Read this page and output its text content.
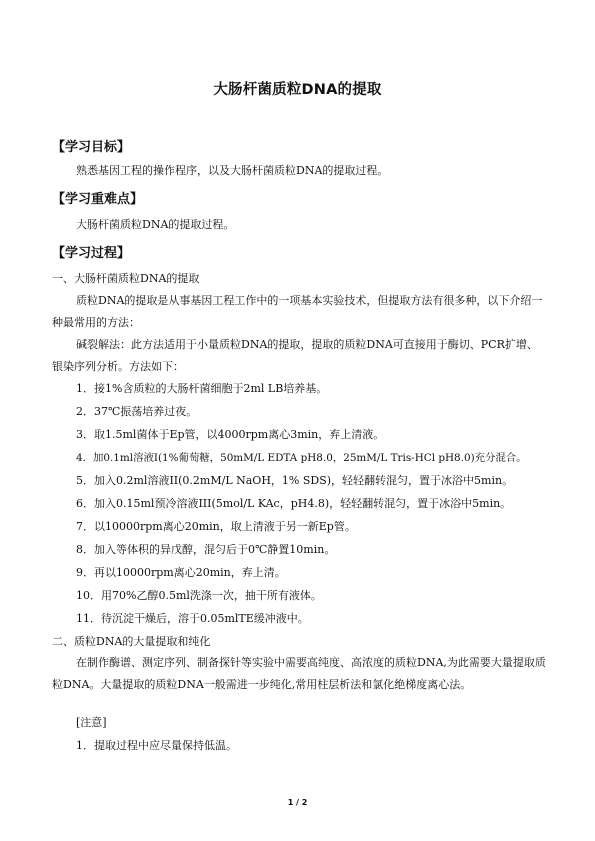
大肠杆菌质粒DNA的提取
【学习目标】
熟悉基因工程的操作程序，以及大肠杆菌质粒DNA的提取过程。
【学习重难点】
大肠杆菌质粒DNA的提取过程。
【学习过程】
一、大肠杆菌质粒DNA的提取
质粒DNA的提取是从事基因工程工作中的一项基本实验技术，但提取方法有很多种，以下介绍一种最常用的方法：
碱裂解法：此方法适用于小量质粒DNA的提取，提取的质粒DNA可直接用于酶切、PCR扩增、银染序列分析。方法如下：
1．接1%含质粒的大肠杆菌细胞于2ml LB培养基。
2．37℃振荡培养过夜。
3．取1.5ml菌体于Ep管，以4000rpm离心3min，弃上清液。
4．加0.1ml溶液I(1%葡萄糖，50mM/L EDTA pH8.0，25mM/L Tris-HCl pH8.0)充分混合。
5．加入0.2ml溶液II(0.2mM/L NaOH，1% SDS)，轻轻翻转混匀，置于冰浴中5min。
6．加入0.15ml预冷溶液III(5mol/L KAc，pH4.8)，轻轻翻转混匀，置于冰浴中5min。
7．以10000rpm离心20min，取上清液于另一新Ep管。
8．加入等体积的异戊醇，混匀后于0℃静置10min。
9．再以10000rpm离心20min，弃上清。
10．用70%乙醇0.5ml洗涤一次，抽干所有液体。
11．待沉淀干燥后，溶于0.05mlTE缓冲液中。
二、质粒DNA的大量提取和纯化
在制作酶谱、测定序列、制备探针等实验中需要高纯度、高浓度的质粒DNA,为此需要大量提取质粒DNA。大量提取的质粒DNA一般需进一步纯化,常用柱层析法和氯化绝梯度离心法。
[注意]
1．提取过程中应尽量保持低温。
1 / 2
